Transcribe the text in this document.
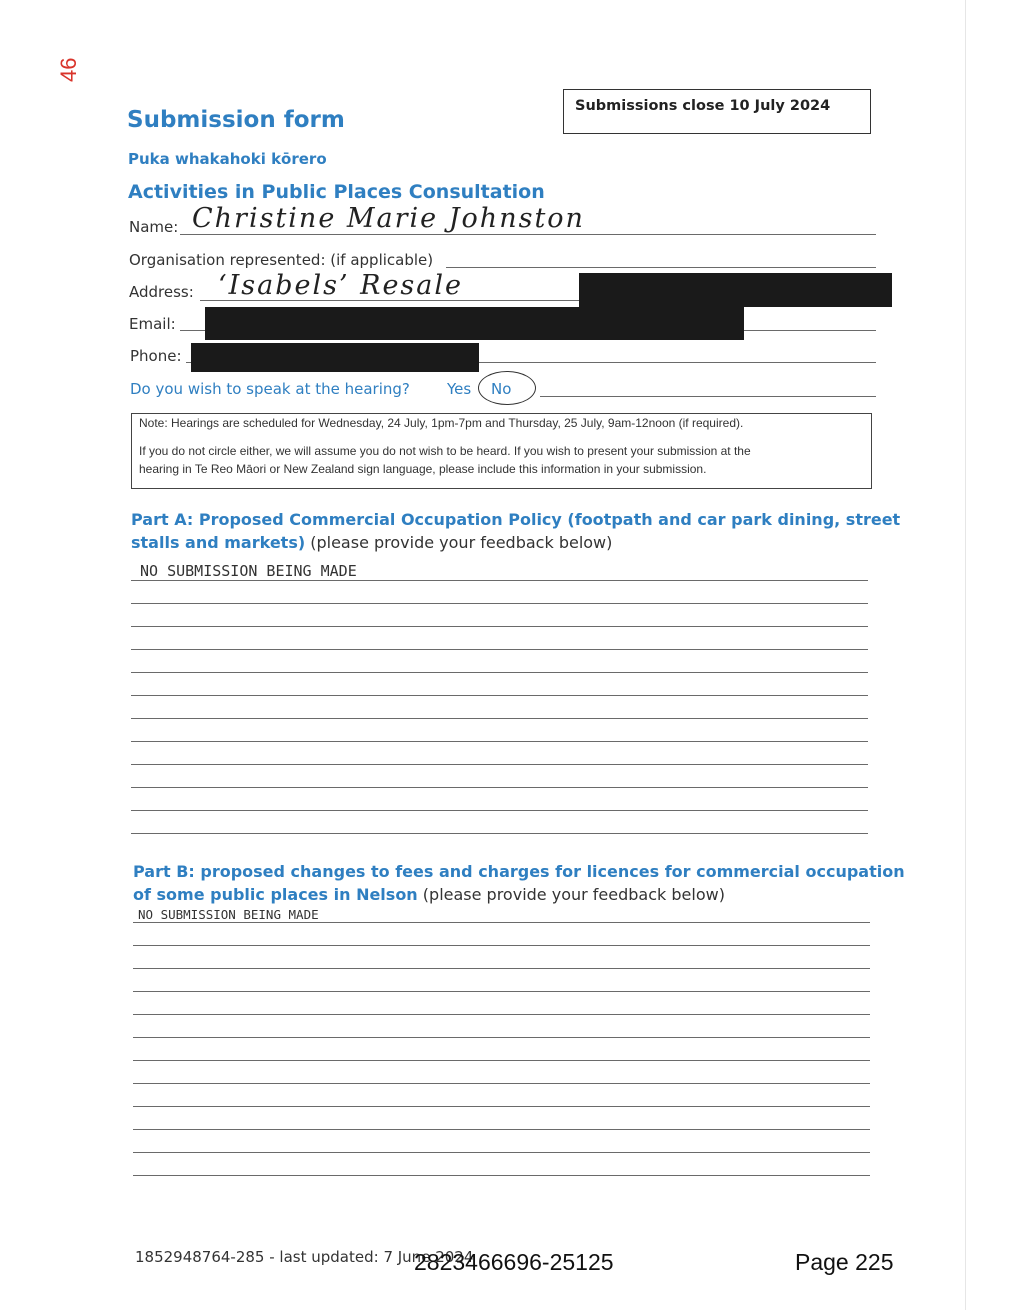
46
Submission form
Puka whakahoki kōrero
Activities in Public Places Consultation
Submissions close 10 July 2024
Name: Christine Marie Johnston
Organisation represented: (if applicable)
Address: ‘Isabels’ Resale
Email:
Phone:
Do you wish to speak at the hearing? Yes No
Note: Hearings are scheduled for Wednesday, 24 July, 1pm-7pm and Thursday, 25 July, 9am-12noon (if required).
If you do not circle either, we will assume you do not wish to be heard. If you wish to present your submission at the
hearing in Te Reo Māori or New Zealand sign language, please include this information in your submission.
Part A: Proposed Commercial Occupation Policy (footpath and car park dining, street
stalls and markets) (please provide your feedback below)
NO SUBMISSION BEING MADE
Part B: proposed changes to fees and charges for licences for commercial occupation
of some public places in Nelson (please provide your feedback below)
NO SUBMISSION BEING MADE
1852948764-285 - last updated: 7 June 2024
2823466696-25125	Page 225
